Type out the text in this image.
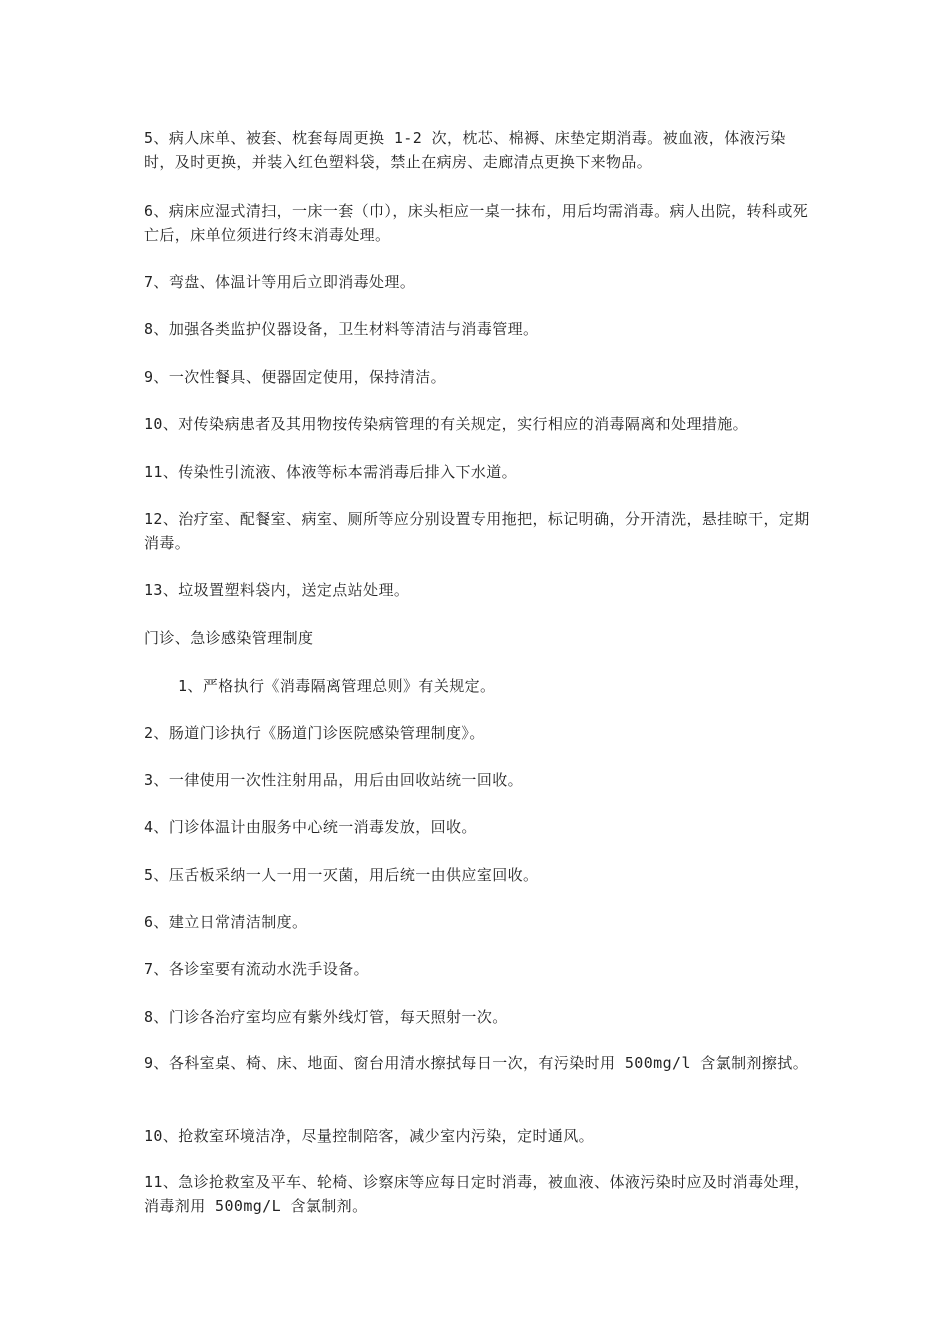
5、病人床单、被套、枕套每周更换 1-2 次，枕芯、棉褥、床垫定期消毒。被血液，体液污染时，及时更换，并装入红色塑料袋，禁止在病房、走廊清点更换下来物品。

6、病床应湿式清扫，一床一套（巾），床头柜应一桌一抹布，用后均需消毒。病人出院，转科或死亡后，床单位须进行终末消毒处理。

7、弯盘、体温计等用后立即消毒处理。

8、加强各类监护仪器设备，卫生材料等清洁与消毒管理。

9、一次性餐具、便器固定使用，保持清洁。

10、对传染病患者及其用物按传染病管理的有关规定，实行相应的消毒隔离和处理措施。

11、传染性引流液、体液等标本需消毒后排入下水道。

12、治疗室、配餐室、病室、厕所等应分别设置专用拖把，标记明确，分开清洗，悬挂晾干，定期消毒。

13、垃圾置塑料袋内，送定点站处理。

门诊、急诊感染管理制度

1、严格执行《消毒隔离管理总则》有关规定。

2、肠道门诊执行《肠道门诊医院感染管理制度》。

3、一律使用一次性注射用品，用后由回收站统一回收。

4、门诊体温计由服务中心统一消毒发放，回收。

5、压舌板采纳一人一用一灭菌，用后统一由供应室回收。

6、建立日常清洁制度。

7、各诊室要有流动水洗手设备。

8、门诊各治疗室均应有紫外线灯管，每天照射一次。

9、各科室桌、椅、床、地面、窗台用清水擦拭每日一次，有污染时用 500mg/l 含氯制剂擦拭。

10、抢救室环境洁净，尽量控制陪客，减少室内污染，定时通风。

11、急诊抢救室及平车、轮椅、诊察床等应每日定时消毒，被血液、体液污染时应及时消毒处理，消毒剂用 500mg/L 含氯制剂。
